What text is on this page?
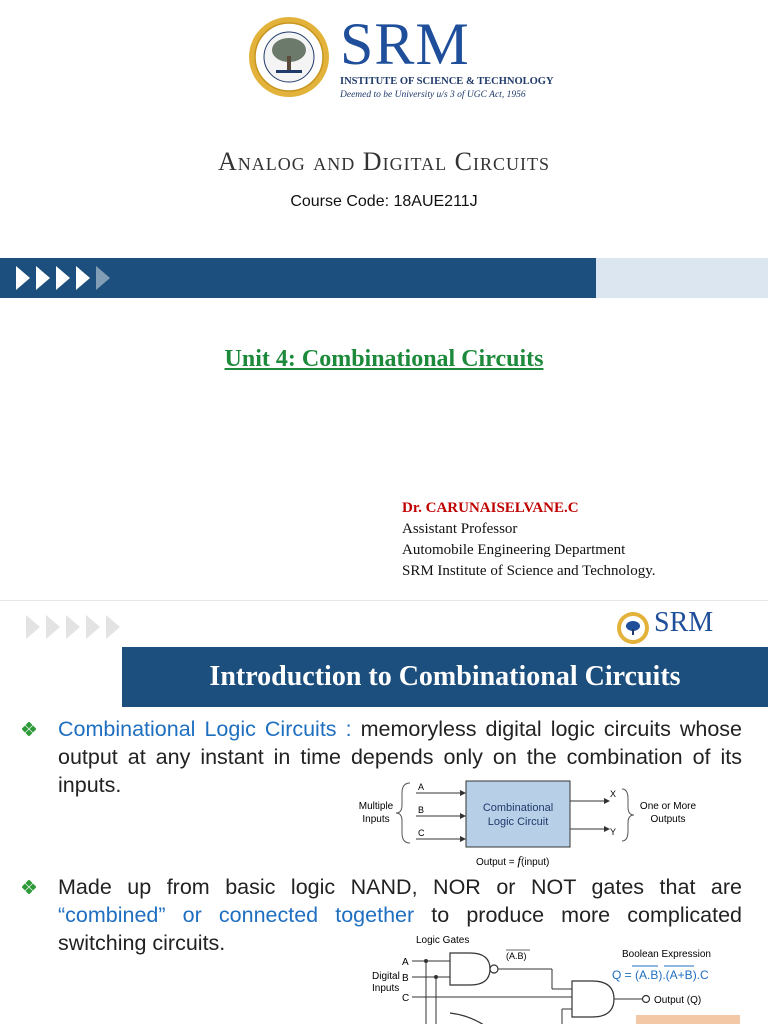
SRM
INSTITUTE OF SCIENCE & TECHNOLOGY
Deemed to be University u/s 3 of UGC Act, 1956
Analog and Digital Circuits
Course Code: 18AUE211J
Unit 4: Combinational Circuits
Dr. CARUNAISELVANE.C
Assistant Professor
Automobile Engineering Department
SRM Institute of Science and Technology.
SRM
Introduction to Combinational Circuits
Combinational Logic Circuits : memoryless digital logic circuits whose output at any instant in time depends only on the combination of its inputs.
Multiple
Inputs
A
B
C
Combinational
Logic Circuit
X
Y
One or More
Outputs
Output = f(input)
Made up from basic logic NAND, NOR or NOT gates that are “combined” or connected together to produce more complicated switching circuits.	Logic Gates
Digital
Inputs
A
B
C
(A.B)
Output (Q)
Boolean Expression
Q = (A.B).(A+B).C
